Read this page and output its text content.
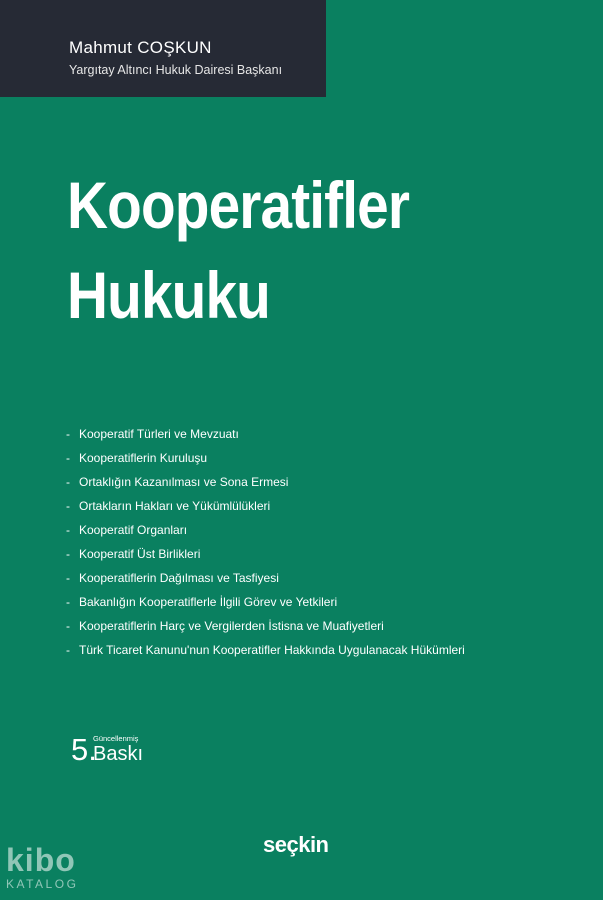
Mahmut COŞKUN
Yargıtay Altıncı Hukuk Dairesi Başkanı
Kooperatifler
Hukuku
- Kooperatif Türleri ve Mevzuatı
- Kooperatiflerin Kuruluşu
- Ortaklığın Kazanılması ve Sona Ermesi
- Ortakların Hakları ve Yükümlülükleri
- Kooperatif Organları
- Kooperatif Üst Birlikleri
- Kooperatiflerin Dağılması ve Tasfiyesi
- Bakanlığın Kooperatiflerle İlgili Görev ve Yetkileri
- Kooperatiflerin Harç ve Vergilerden İstisna ve Muafiyetleri
- Türk Ticaret Kanunu'nun Kooperatifler Hakkında Uygulanacak Hükümleri
5.
Güncellenmiş
Baskı
seçkin
kibo
KATALOG
